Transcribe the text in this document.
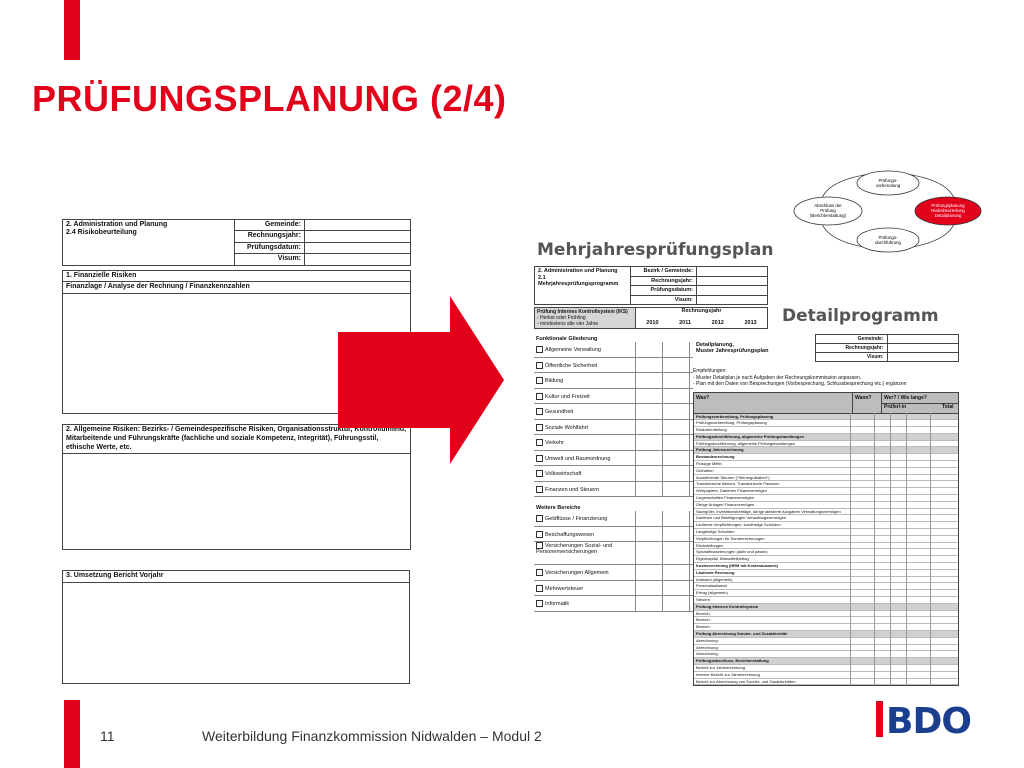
PRÜFUNGSPLANUNG (2/4)
2. Administration und Planung
2.4 Risikobeurteilung	Gemeinde:	
	Rechnungsjahr:	
	Prüfungsdatum:	
	Visum:	
1. Finanzielle Risiken
Finanzlage / Analyse der Rechnung / Finanzkennzahlen
2. Allgemeine Risiken: Bezirks- / Gemeindespezifische Risiken, Organisationsstruktur, Kontrollumfeld, Mitarbeitende und Führungskräfte (fachliche und soziale Kompetenz, Integrität), Führungsstil, ethische Werte, etc.
3. Umsetzung Bericht Vorjahr
Prüfungs-
vorbereitung
Abschluss der
Prüfung
(Berichterstattung)
Prüfungsplanung
Risikobeurteilung
Detailplanung
Prüfungs-
durchführung
Mehrjahresprüfungsplan
2. Administration und Planung
2.1 Mehrjahresprüfungsprogramm	Bezirk / Gemeinde:	
	Rechnungsjahr:	
	Prüfungsdatum:	
	Visum:	
Prüfung Internes Kontrollsystem (IKS)
- Herbst oder Frühling
- mindestens alle vier Jahre
Rechnungsjahr
2010	2011	2012	2013
Funktionale Gliederung
Allgemeine Verwaltung
Öffentliche Sicherheit
Bildung
Kultur und Freizeit
Gesundheit
Soziale Wohlfahrt
Verkehr
Umwelt und Raumordnung
Volkswirtschaft
Finanzen und Steuern
Weitere Bereiche
Geldflüsse / Finanzierung
Beschaffungswesen
Versicherungen Sozial- und Personenversicherungen
Versicherungen Allgemein
Mehrwertsteuer
Informatik
Detailprogramm
Detailplanung,
Muster Jahresprüfungsplan	Gemeinde:	
	Rechnungsjahr:	
	Visum:	
Empfehlungen:
- Muster Detailplan je nach Aufgaben der Rechnungskommission anpassen.
- Plan mit den Daten von Besprechungen (Vorbesprechung, Schlussbesprechung etc.) ergänzen
Was?	Wann?	Wer? / Wie lange?
Prüfer/-in	Total
Prüfungsvorbereitung, Prüfungsplanung
Prüfungsvorbereitung, Prüfungsplanung
Risikobeurteilung
Prüfungsdurchführung, allgemeine Prüfungshandlungen
Prüfungsdurchführung, allgemeine Prüfungshandlungen
Prüfung Jahresrechnung
Bestandesrechnung
Flüssige Mittel
Guthaben
Ausstehende Steuern ("Steuerguthaben")
Transitorische Aktiven, Transitorische Passiven
Wertpapiere, Darlehen Finanzvermögen
Liegenschaften Finanzvermögen
Übrige Anlagen Finanzvermögen
Sachgüter, Investitionsbeiträge, übrige aktivierte Ausgaben Verwaltungsvermögen
Darlehen und Beteiligungen Verwaltungsvermögen
Laufende Verpflichtungen, kurzfristige Schulden
Langfristige Schulden
Verpflichtungen für Sonderrechnungen
Rückstellungen
Spezialfinanzierungen (aktiv und passiv)
Eigenkapital, Bilanzfehlbetrag
Kostenrechnung (HRM mit Kostenausweis)
Laufende Rechnung
Aufwand (allgemein)
Personalaufwand
Ertrag (allgemein)
Steuern
Prüfung Internes Kontrollsystem
Bereich:
Bereich:
Bereich:
Prüfung Abrechnung Sonder- und Zusatzkredite
Abrechnung:
Abrechnung:
Abrechnung:
Prüfungsabschluss, Berichterstattung
Bericht zur Jahresrechnung
Interner Bericht zur Jahresrechnung
Bericht zur Abrechnung von Sonder- und Zusatzkrediten
11	Weiterbildung Finanzkommission Nidwalden – Modul 2	BDO
